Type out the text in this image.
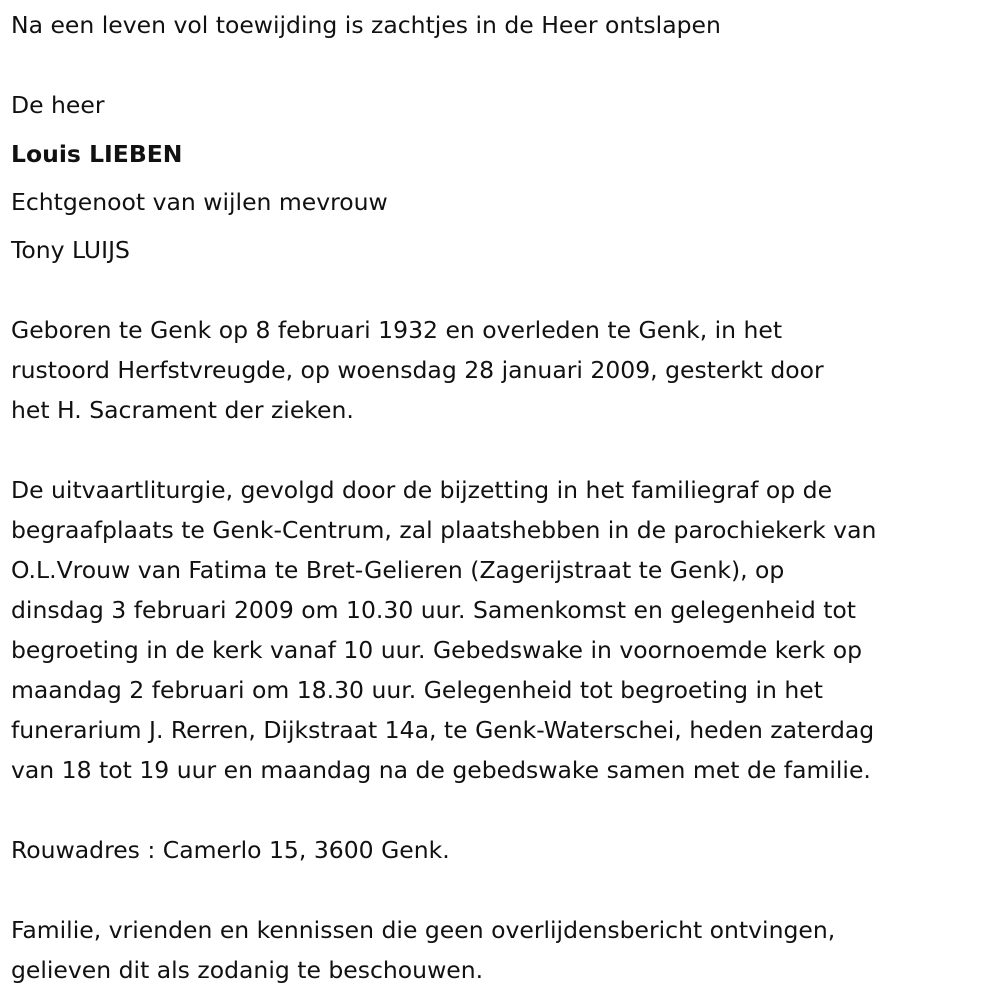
Na een leven vol toewijding is zachtjes in de Heer ontslapen
De heer
Louis LIEBEN
Echtgenoot van wijlen mevrouw
Tony LUIJS
Geboren te Genk op 8 februari 1932 en overleden te Genk, in het
rustoord Herfstvreugde, op woensdag 28 januari 2009, gesterkt door
het H. Sacrament der zieken.
De uitvaartliturgie, gevolgd door de bijzetting in het familiegraf op de
begraafplaats te Genk-Centrum, zal plaatshebben in de parochiekerk van
O.L.Vrouw van Fatima te Bret-Gelieren (Zagerijstraat te Genk), op
dinsdag 3 februari 2009 om 10.30 uur. Samenkomst en gelegenheid tot
begroeting in de kerk vanaf 10 uur. Gebedswake in voornoemde kerk op
maandag 2 februari om 18.30 uur. Gelegenheid tot begroeting in het
funerarium J. Rerren, Dijkstraat 14a, te Genk-Waterschei, heden zaterdag
van 18 tot 19 uur en maandag na de gebedswake samen met de familie.
Rouwadres : Camerlo 15, 3600 Genk.
Familie, vrienden en kennissen die geen overlijdensbericht ontvingen,
gelieven dit als zodanig te beschouwen.
